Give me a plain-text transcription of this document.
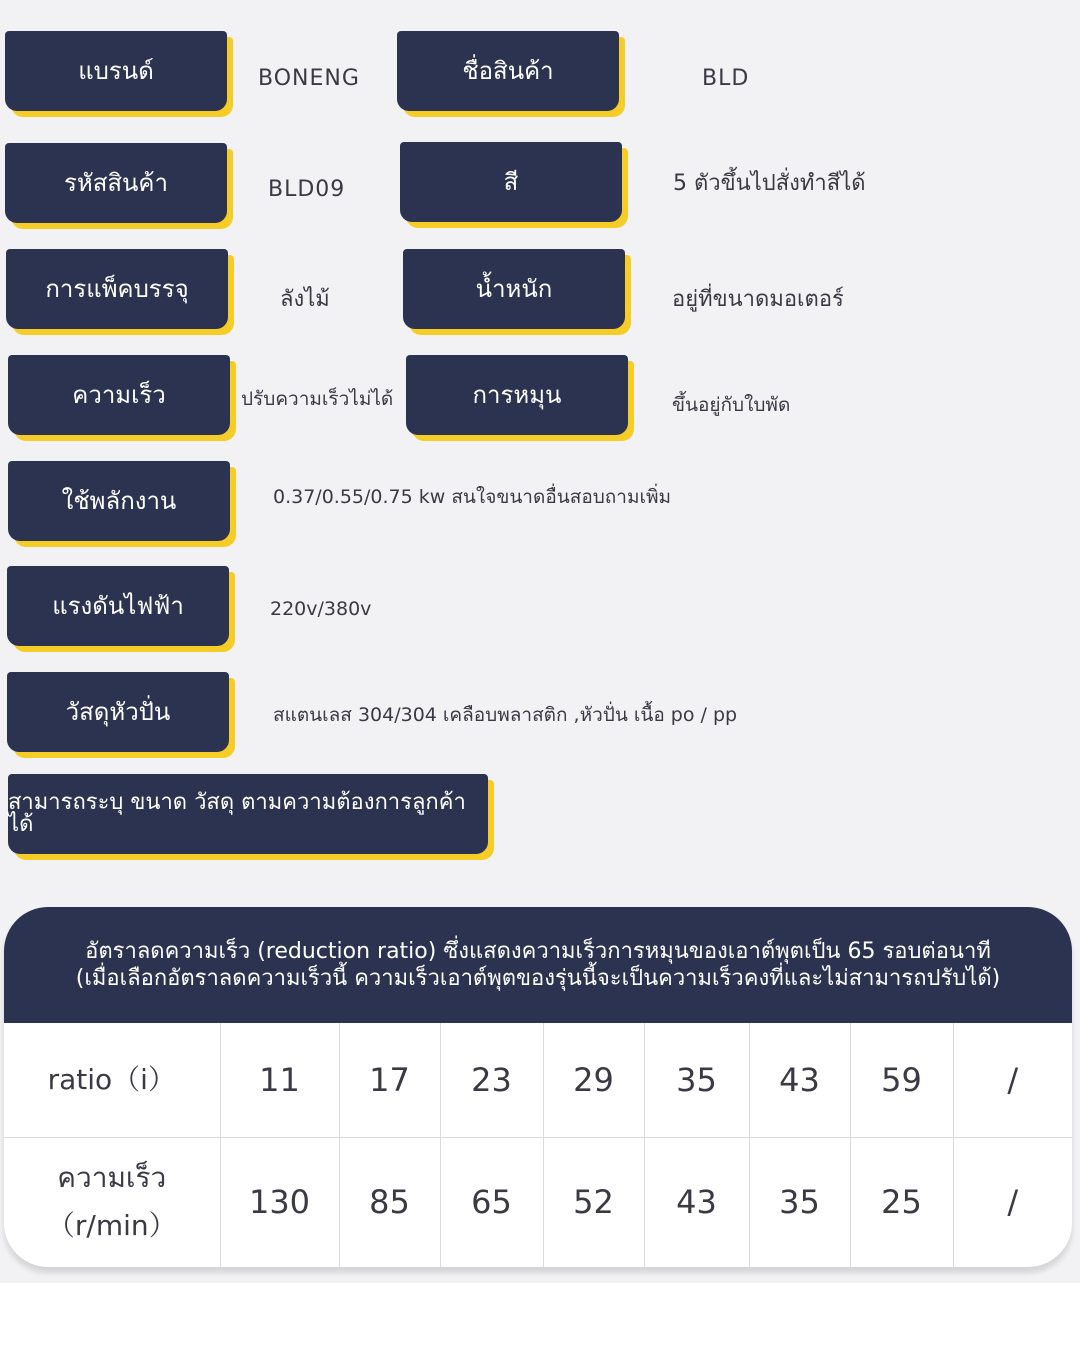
แบรนด์	BONENG	ชื่อสินค้า	BLD
รหัสสินค้า	BLD09	สี	5 ตัวขึ้นไปสั่งทำสีได้
การแพ็คบรรจุ	ลังไม้	น้ำหนัก	อยู่ที่ขนาดมอเตอร์
ความเร็ว	ปรับความเร็วไม่ได้	การหมุน	ขึ้นอยู่กับใบพัด
ใช้พลักงาน	0.37/0.55/0.75 kw สนใจขนาดอื่นสอบถามเพิ่ม
แรงดันไฟฟ้า	220v/380v
วัสดุหัวปั่น	สแตนเลส 304/304 เคลือบพลาสติก ,หัวปั่น เนื้อ po / pp
สามารถระบุ ขนาด วัสดุ ตามความต้องการลูกค้าได้
อัตราลดความเร็ว (reduction ratio) ซึ่งแสดงความเร็วการหมุนของเอาต์พุตเป็น 65 รอบต่อนาที
(เมื่อเลือกอัตราลดความเร็วนี้ ความเร็วเอาต์พุตของรุ่นนี้จะเป็นความเร็วคงที่และไม่สามารถปรับได้)
ratio（i）	11	17	23	29	35	43	59	/

ความเร็ว
（r/min）	130	85	65	52	43	35	25	/
